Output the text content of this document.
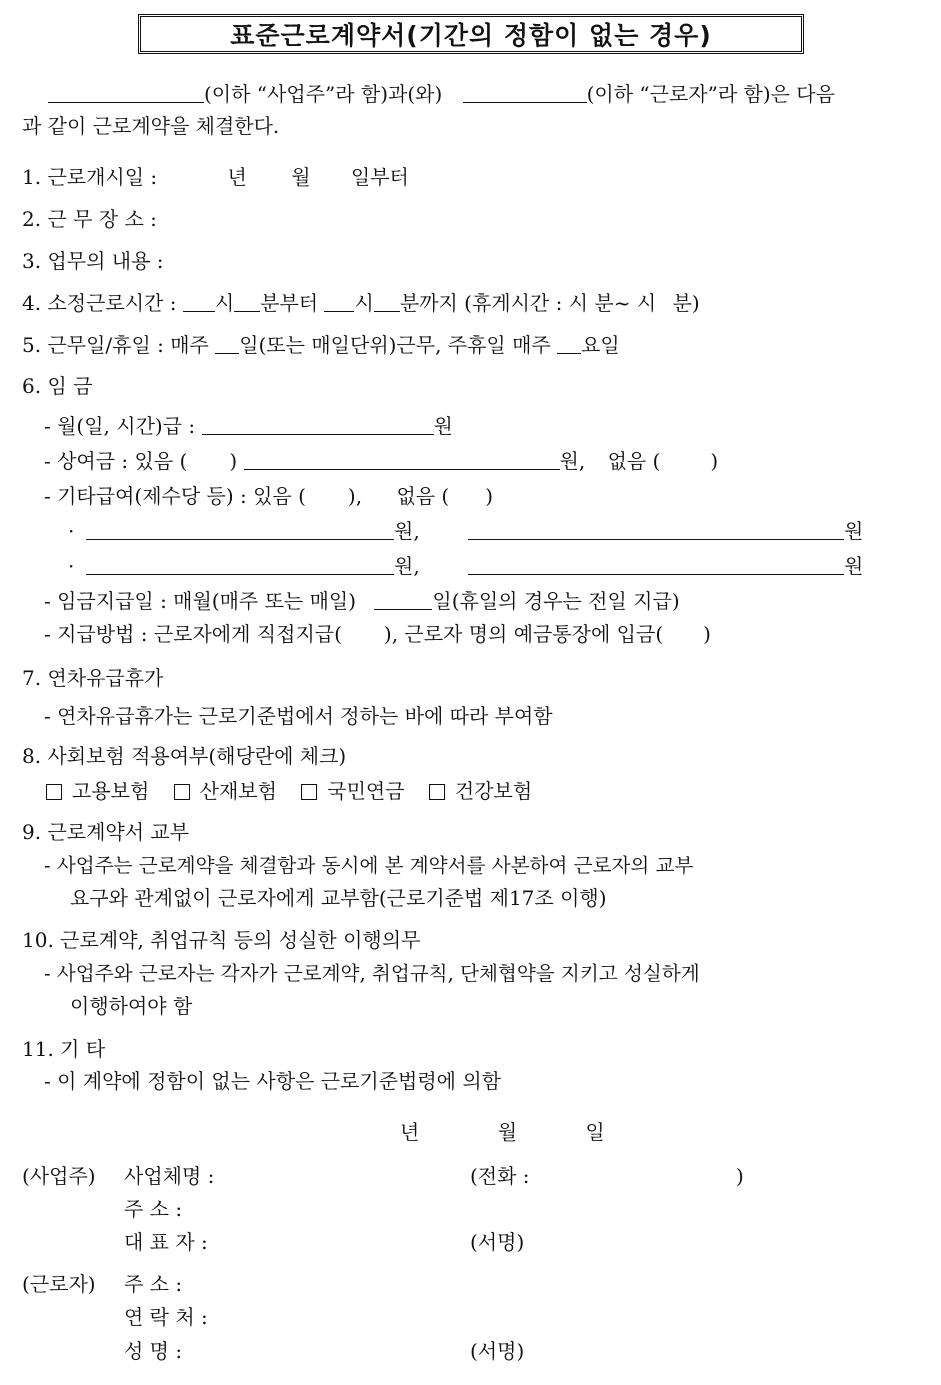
표준근로계약서(기간의 정함이 없는 경우)
(이하 “사업주”라 함)과(와)	(이하 “근로자”라 함)은 다음
과 같이 근로계약을 체결한다.
1. 근로개시일 :	년 월 일부터
2. 근 무 장 소 :
3. 업무의 내용 :
4. 소정근로시간 : 시 분부터 시 분까지 (휴게시간 : 시 분~ 시 분)
5. 근무일/휴일 : 매주 일(또는 매일단위)근무, 주휴일 매주 요일
6. 임 금
- 월(일, 시간)급 :	원
- 상여금 : 있음 ( )	원, 없음 (	)
- 기타급여(제수당 등) : 있음 ( ), 없음 ( )
·	원,	원
·	원,	원
- 임금지급일 : 매월(매주 또는 매일)	일(휴일의 경우는 전일 지급)
- 지급방법 : 근로자에게 직접지급( ), 근로자 명의 예금통장에 입금( )
7. 연차유급휴가
- 연차유급휴가는 근로기준법에서 정하는 바에 따라 부여함
8. 사회보험 적용여부(해당란에 체크)
고용보험	산재보험	국민연금	건강보험
9. 근로계약서 교부
- 사업주는 근로계약을 체결함과 동시에 본 계약서를 사본하여 근로자의 교부
요구와 관계없이 근로자에게 교부함(근로기준법 제17조 이행)
10. 근로계약, 취업규칙 등의 성실한 이행의무
- 사업주와 근로자는 각자가 근로계약, 취업규칙, 단체협약을 지키고 성실하게
이행하여야 함
11. 기 타
- 이 계약에 정함이 없는 사항은 근로기준법령에 의함
년	월	일
(사업주) 사업체명 :	(전화 :	)
주 소 :
대 표 자 :	(서명)
(근로자) 주 소 :
연 락 처 :
성 명 :	(서명)
